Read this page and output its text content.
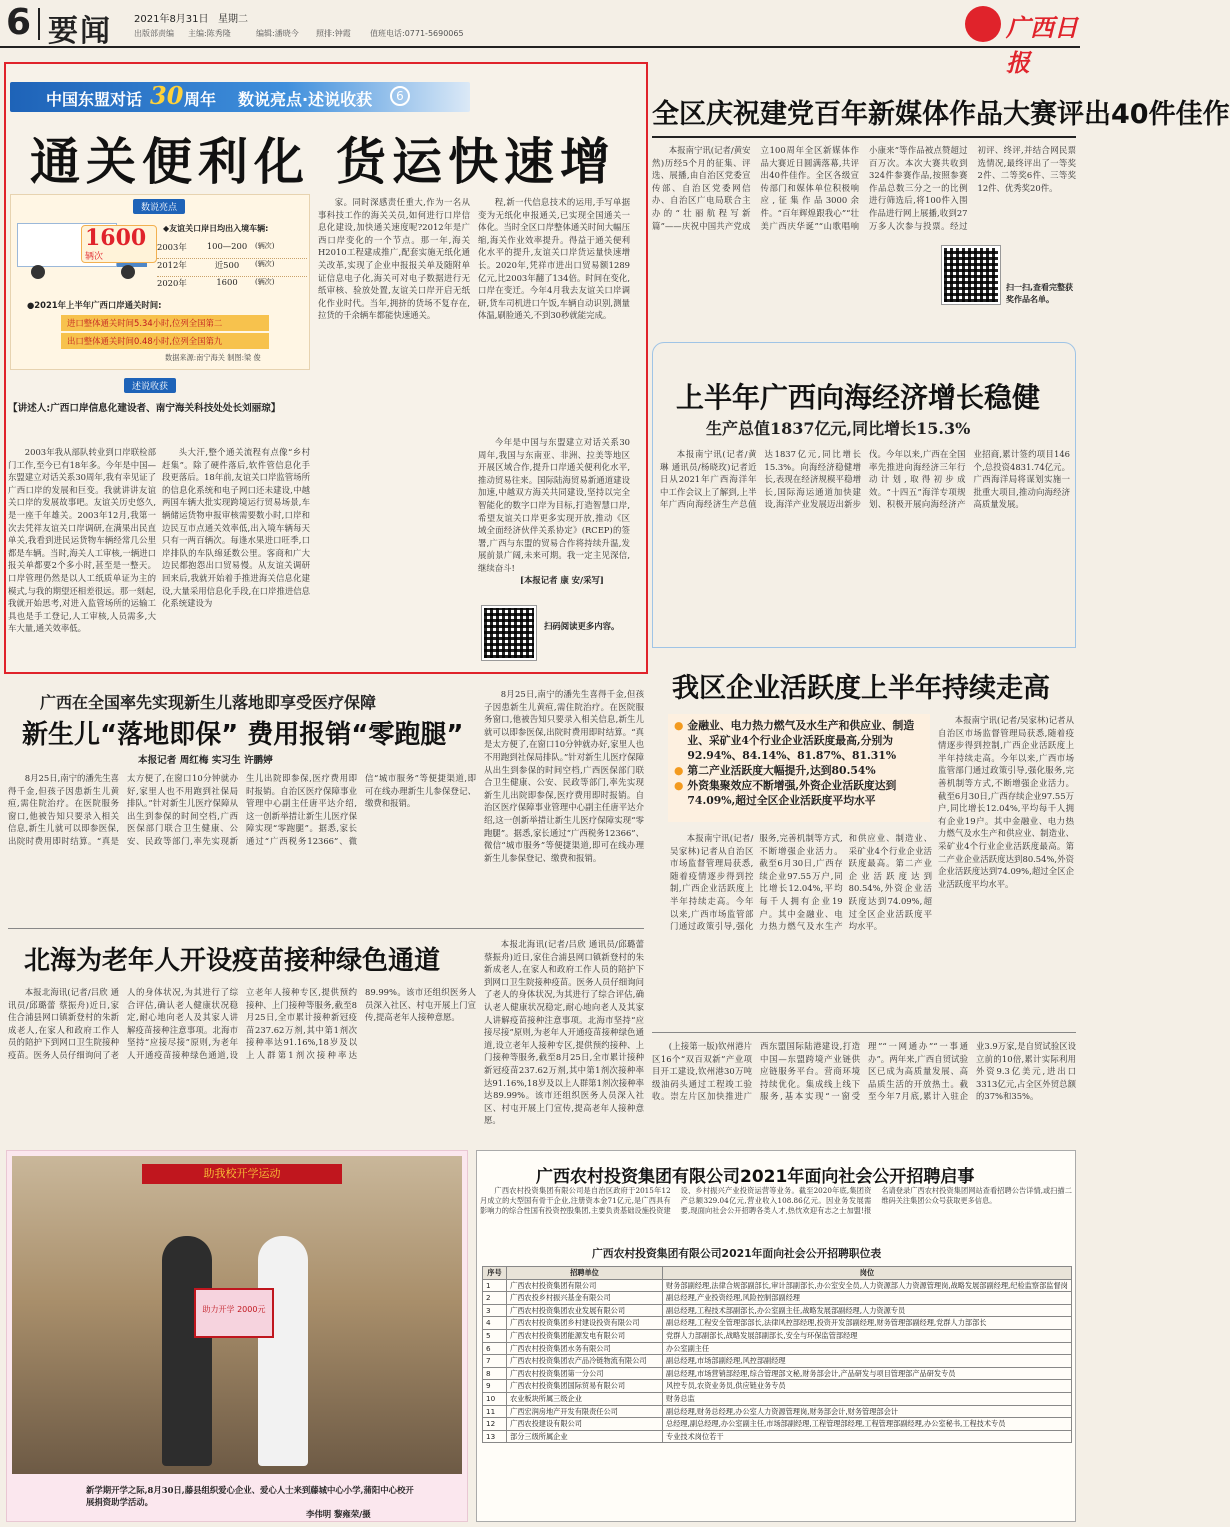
6 要闻 2021年8月31日 星期二
出版部责编 主编:陈秀隆	编辑:潘晓今 照排:钟霞 值班电话:0771-5690065	广西日报
中国东盟对话 30 周年 数说亮点·述说收获	6
通关便利化 货运快速增
数说亮点
1600
辆次
◆友谊关口岸日均出入境车辆:
2003年	100—200	(辆次)
2012年	近500	(辆次)
2020年	1600	(辆次)
●2021年上半年广西口岸通关时间:
进口整体通关时间5.34小时,位列全国第二
出口整体通关时间0.48小时,位列全国第九
数据来源:南宁海关 制图:梁 俊
述说收获
【讲述人:广西口岸信息化建设者、南宁海关科技处处长刘丽琼】

2003年我从部队转业到口岸联检部门工作,至今已有18年多。今年是中国—东盟建立对话关系30周年,我有幸见证了广西口岸的发展和巨变。我就讲讲友谊关口岸的发展故事吧。友谊关历史悠久,是一座千年雄关。2003年12月,我第一次去凭祥友谊关口岸调研,在满果出民直单关,我看到进民运货物车辆经常几公里都是车辆。当时,海关人工审核,一辆进口报关单都要2个多小时,甚至是一整天。口岸管理仍然是以人工纸质单证为主的模式,与我的期望还相差很远。那一刻起,我就开始思考,对进入监管场所的运输工具也是手工登记,人工审核,人员需多,大车大量,通关效率低。

头大汗,整个通关流程有点像“乡村赶集”。除了硬件落后,软件管信息化手段更落后。18年前,友谊关口岸监管场所的信息化系统和电子网口还未建设,中越两国车辆大批实现跨境运行贸易场景,车辆储运货物申报审核需要数小时,口岸和边民互市点通关效率低,出入境车辆每天只有一两百辆次。每逢水果进口旺季,口岸排队的车队绵延数公里。客商和广大边民都抱怨出口贸易慢。从友谊关调研回来后,我就开始着手推进海关信息化建设,大量采用信息化手段,在口岸推进信息化系统建设为

家。同时深感责任重大,作为一名从事科技工作的海关关员,如何进行口岸信息化建设,加快通关速度呢?2012年是广西口岸变化的一个节点。那一年,海关H2010工程建成推广,配套实施无纸化通关改革,实现了企业申报报关单及随附单证信息电子化,海关可对电子数据进行无纸审核、验放处置,友谊关口岸开启无纸化作业时代。当年,拥挤的货场不复存在,拉货的千余辆车都能快速通关。

程,新一代信息技术的运用,手写单据变为无纸化申报通关,已实现全国通关一体化。当时全区口岸整体通关时间大幅压缩,海关作业效率提升。得益于通关便利化水平的提升,友谊关口岸货运量快速增长。2020年,凭祥市进出口贸易额1289亿元,比2003年翻了134倍。时间在变化,口岸在变迁。今年4月我去友谊关口岸调研,货车司机进口午饭,车辆自动识别,测量体温,刷脸通关,不到30秒就能完成。

今年是中国与东盟建立对话关系30周年,我国与东南亚、非洲、拉美等地区开展区域合作,提升口岸通关便利化水平,推动贸易往来。国际陆海贸易新通道建设加速,中越双方海关共同建设,坚持以完全智能化的数字口岸为目标,打造智慧口岸,希望友谊关口岸更多实现开放,推动《区域全面经济伙伴关系协定》(RCEP)的签署,广西与东盟的贸易合作将持续升温,发展前景广阔,未来可期。我一定主见深信,继续奋斗!

[本报记者 康 安/采写]
扫码阅读更多内容。
全区庆祝建党百年新媒体作品大赛评出40件佳作

本报南宁讯(记者/黄安然)历经5个月的征集、评选、展播,由自治区党委宣传部、自治区党委网信办、自治区广电局联合主办的“壮丽航程写新篇”——庆祝中国共产党成立100周年全区新媒体作品大赛近日圆满落幕,共评出40件佳作。全区各级宣传部门和媒体单位积极响应,征集作品3000余件。“百年辉煌跟我心”“壮美广西庆华诞”“山歌唱响小康来”等作品被点赞超过百万次。本次大赛共收到324件参赛作品,按照参赛作品总数三分之一的比例进行筛选后,将100件入围作品进行网上展播,收到27万多人次参与投票。经过初评、终评,并结合网民票选情况,最终评出了一等奖2件、二等奖6件、三等奖12件、优秀奖20件。

扫一扫,查看完整获奖作品名单。
上半年广西向海经济增长稳健
生产总值1837亿元,同比增长15.3%

本报南宁讯(记者/黄琳 通讯员/杨晓玫)记者近日从2021年广西海洋年中工作会议上了解到,上半年广西向海经济生产总值达1837亿元,同比增长15.3%。向海经济稳健增长,表现在经济规模平稳增长,国际海运通道加快建设,海洋产业发展迈出新步伐。今年以来,广西在全国率先推进向海经济三年行动计划,取得初步成效。“十四五”海洋专项规划、积极开展向海经济产业招商,累计签约项目146个,总投资4831.74亿元。广西海洋局将谋划实施一批重大项目,推动向海经济高质量发展。

我区企业活跃度上半年持续走高
● 金融业、电力热力燃气及水生产和供应业、制造业、采矿业4个行业企业活跃度最高,分别为92.94%、84.14%、81.87%、81.31%
● 第二产业活跃度大幅提升,达到80.54%
● 外资集聚效应不断增强,外资企业活跃度达到74.09%,超过全区企业活跃度平均水平

本报南宁讯(记者/吴家林)记者从自治区市场监督管理局获悉,随着疫情逐步得到控制,广西企业活跃度上半年持续走高。今年以来,广西市场监管部门通过政策引导,强化服务,完善机制等方式,不断增强企业活力。截至6月30日,广西存续企业97.55万户,同比增长12.04%,平均每千人拥有企业19户。其中金融业、电力热力燃气及水生产和供应业、制造业、采矿业4个行业企业活跃度最高。第二产业企业活跃度达到80.54%,外资企业活跃度达到74.09%,超过全区企业活跃度平均水平。

本报南宁讯(记者/吴家林)记者从自治区市场监督管理局获悉,随着疫情逐步得到控制,广西企业活跃度上半年持续走高。今年以来,广西市场监管部门通过政策引导,强化服务,完善机制等方式,不断增强企业活力。截至6月30日,广西存续企业97.55万户,同比增长12.04%,平均每千人拥有企业19户。其中金融业、电力热力燃气及水生产和供应业、制造业、采矿业4个行业企业活跃度最高。第二产业企业活跃度达到80.54%,外资企业活跃度达到74.09%,超过全区企业活跃度平均水平。

广西在全国率先实现新生儿落地即享受医疗保障
新生儿“落地即保” 费用报销“零跑腿”
本报记者 周红梅 实习生 许鹏婷

8月25日,南宁的潘先生喜得千金,但孩子因患新生儿黄疸,需住院治疗。在医院服务窗口,他被告知只要录入相关信息,新生儿就可以即参医保,出院时费用即时结算。“真是太方便了,在窗口10分钟就办好,家里人也不用跑到社保局排队。”针对新生儿医疗保障从出生到参保的时间空档,广西医保部门联合卫生健康、公安、民政等部门,率先实现新生儿出院即参保,医疗费用即时报销。自治区医疗保障事业管理中心副主任唐平达介绍,这一创新举措让新生儿医疗保障实现“零跑腿”。据悉,家长通过“广西税务12366”、微信“城市服务”等便捷渠道,即可在线办理新生儿参保登记、缴费和报销。

8月25日,南宁的潘先生喜得千金,但孩子因患新生儿黄疸,需住院治疗。在医院服务窗口,他被告知只要录入相关信息,新生儿就可以即参医保,出院时费用即时结算。“真是太方便了,在窗口10分钟就办好,家里人也不用跑到社保局排队。”针对新生儿医疗保障从出生到参保的时间空档,广西医保部门联合卫生健康、公安、民政等部门,率先实现新生儿出院即参保,医疗费用即时报销。自治区医疗保障事业管理中心副主任唐平达介绍,这一创新举措让新生儿医疗保障实现“零跑腿”。据悉,家长通过“广西税务12366”、微信“城市服务”等便捷渠道,即可在线办理新生儿参保登记、缴费和报销。

北海为老年人开设疫苗接种绿色通道

本报北海讯(记者/吕欣 通讯员/邱璐蕾 蔡振舟)近日,家住合浦县网口镇新登村的朱新成老人,在家人和政府工作人员的陪护下到网口卫生院接种疫苗。医务人员仔细询问了老人的身体状况,为其进行了综合评估,确认老人健康状况稳定,耐心地向老人及其家人讲解疫苗接种注意事项。北海市坚持“应接尽接”原则,为老年人开通疫苗接种绿色通道,设立老年人接种专区,提供预约接种、上门接种等服务,截至8月25日,全市累计接种新冠疫苗237.62万剂,其中第1剂次接种率达91.16%,18岁及以上人群第1剂次接种率达89.99%。该市还组织医务人员深入社区、村屯开展上门宣传,提高老年人接种意愿。

本报北海讯(记者/吕欣 通讯员/邱璐蕾 蔡振舟)近日,家住合浦县网口镇新登村的朱新成老人,在家人和政府工作人员的陪护下到网口卫生院接种疫苗。医务人员仔细询问了老人的身体状况,为其进行了综合评估,确认老人健康状况稳定,耐心地向老人及其家人讲解疫苗接种注意事项。北海市坚持“应接尽接”原则,为老年人开通疫苗接种绿色通道,设立老年人接种专区,提供预约接种、上门接种等服务,截至8月25日,全市累计接种新冠疫苗237.62万剂,其中第1剂次接种率达91.16%,18岁及以上人群第1剂次接种率达89.99%。该市还组织医务人员深入社区、村屯开展上门宣传,提高老年人接种意愿。

(上接第一版)钦州港片区16个“双百双新”产业项目开工建设,钦州港30万吨级油码头通过工程竣工验收。崇左片区加快推进广西东盟国际陆港建设,打造中国—东盟跨境产业链供应链服务平台。营商环境持续优化。集成线上线下服务,基本实现“一窗受理”“一网通办”“一事通办”。两年来,广西自贸试验区已成为高质量发展、高品质生活的开放热土。截至今年7月底,累计入驻企业3.9万家,是自贸试验区设立前的10倍,累计实际利用外资9.3亿美元,进出口3313亿元,占全区外贸总额的37%和35%。

助我校开学运动
助力开学 2000元
新学期开学之际,8月30日,藤县组织爱心企业、爱心人士来到藤城中心小学,蒲阳中心校开展捐资助学活动。
李伟明 黎雍荣/摄
广西农村投资集团有限公司2021年面向社会公开招聘启事

广西农村投资集团有限公司是自治区政府于2015年12月成立的大型国有骨干企业,注册资本金71亿元,是广西具有影响力的综合性国有投资控股集团,主要负责基础设施投资建设、乡村振兴产业投资运营等业务。截至2020年底,集团资产总额329.04亿元,营业收入108.86亿元。因业务发展需要,现面向社会公开招聘各类人才,热忱欢迎有志之士加盟!报名请登录广西农村投资集团网站查看招聘公告详情,或扫描二维码关注集团公众号获取更多信息。

广西农村投资集团有限公司2021年面向社会公开招聘职位表
序号	招聘单位	岗位
1	广西农村投资集团有限公司	财务部副经理,法律合规部副部长,审计部副部长,办公室安全员,人力资源部人力资源管理岗,战略发展部副经理,纪检监察部监督岗
2	广西农投乡村振兴基金有限公司	副总经理,产业投资经理,风险控制部副经理
3	广西农村投资集团农业发展有限公司	副总经理,工程技术部副部长,办公室副主任,战略发展部副经理,人力资源专员
4	广西农村投资集团乡村建设投资有限公司	副总经理,工程安全管理部部长,法律风控部经理,投资开发部副经理,财务管理部副经理,党群人力部部长
5	广西农村投资集团能源发电有限公司	党群人力部副部长,战略发展部副部长,安全与环保监管部经理
6	广西农村投资集团水务有限公司	办公室副主任
7	广西农村投资集团农产品冷链物流有限公司	副总经理,市场部副经理,风控部副经理
8	广西农村投资集团第一分公司	副总经理,市场营销部经理,综合管理部文秘,财务部会计,产品研发与项目管理部产品研发专员
9	广西农村投资集团国际贸易有限公司	风控专员,农资业务员,供应链业务专员
10	农业板块所属三级企业	财务总监
11	广西宏润房地产开发有限责任公司	副总经理,财务总经理,办公室人力资源管理岗,财务部会计,财务管理部会计
12	广西农投建设有限公司	总经理,副总经理,办公室副主任,市场部副经理,工程管理部经理,工程管理部副经理,办公室秘书,工程技术专员
13	部分三级所属企业	专业技术岗位若干
